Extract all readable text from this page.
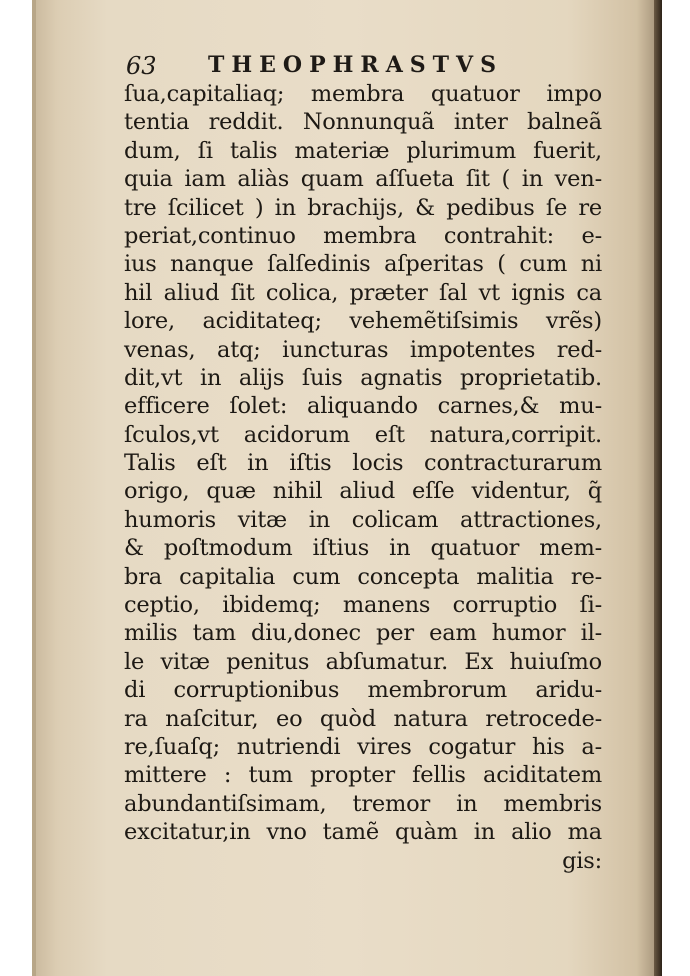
63 THEOPHRASTVS
ſua,capitaliaq; membra quatuor impo
tentia reddit. Nonnunquã inter balneã
dum, ſi talis materiæ plurimum fuerit,
quia iam aliàs quam aſſueta ſit ( in ven-
tre ſcilicet ) in brachijs, & pedibus ſe re
periat,continuo membra contrahit: e-
ius nanque ſalſedinis aſperitas ( cum ni
hil aliud ſit colica, præter ſal vt ignis ca
lore, aciditateq; vehemẽtiſsimis vrẽs)
venas, atq; iuncturas impotentes red-
dit,vt in alijs ſuis agnatis proprietatib.
efficere ſolet: aliquando carnes,& mu-
ſculos,vt acidorum eſt natura,corripit.
Talis eſt in iſtis locis contracturarum
origo, quæ nihil aliud eſſe videntur, q̃
humoris vitæ in colicam attractiones,
& poſtmodum iſtius in quatuor mem-
bra capitalia cum concepta malitia re-
ceptio, ibidemq; manens corruptio ſi-
milis tam diu,donec per eam humor il-
le vitæ penitus abſumatur. Ex huiuſmo
di corruptionibus membrorum aridu-
ra naſcitur, eo quòd natura retrocede-
re,ſuaſq; nutriendi vires cogatur his a-
mittere : tum propter fellis aciditatem
abundantiſsimam, tremor in membris
excitatur,in vno tamẽ quàm in alio ma
gis:
